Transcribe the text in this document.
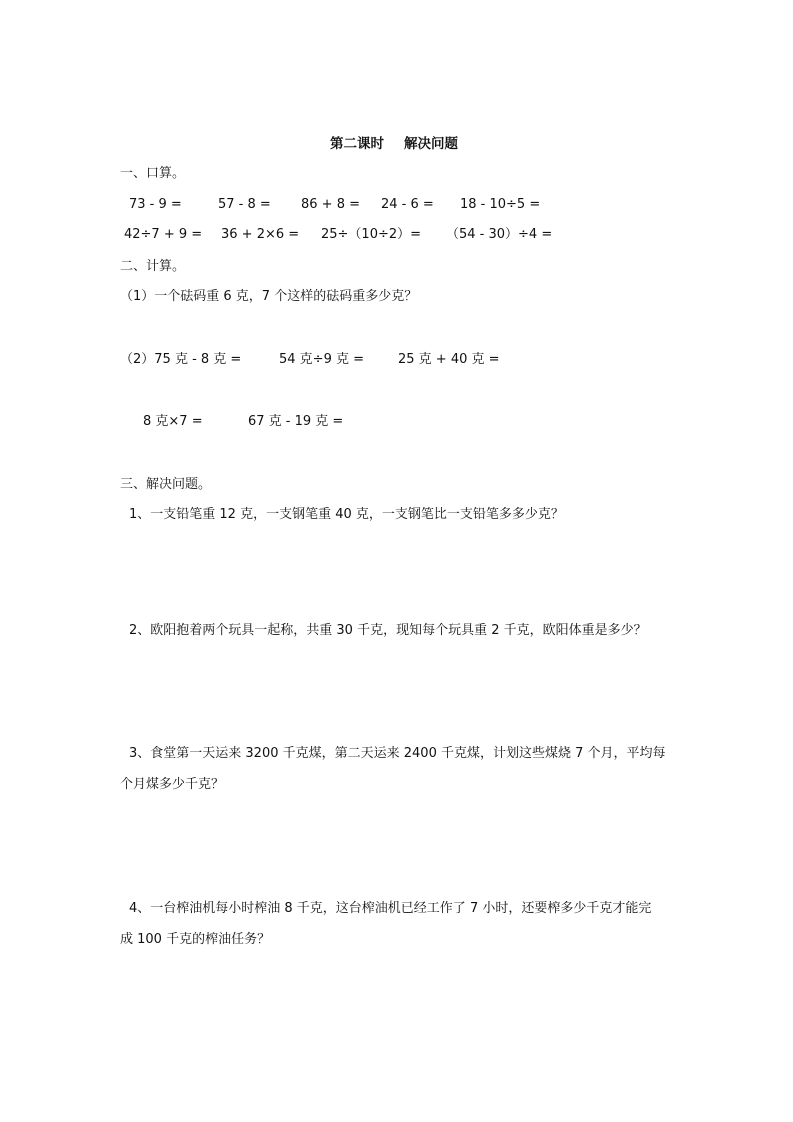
第二课时 解决问题
一、口算。
73 - 9 =	57 - 8 = 86 + 8 = 24 - 6 = 18 - 10÷5 =
42÷7 + 9 = 36 + 2×6 = 25÷（10÷2）= （54 - 30）÷4 =
二、计算。
（1）一个砝码重 6 克，7 个这样的砝码重多少克？
（2）75 克 - 8 克 =	54 克÷9 克 =	25 克 + 40 克 =
8 克×7 =	67 克 - 19 克 =
三、解决问题。
1、一支铅笔重 12 克，一支钢笔重 40 克，一支钢笔比一支铅笔多多少克？
2、欧阳抱着两个玩具一起称，共重 30 千克，现知每个玩具重 2 千克，欧阳体重是多少？
3、食堂第一天运来 3200 千克煤，第二天运来 2400 千克煤，计划这些煤烧 7 个月，平均每
个月煤多少千克？
4、一台榨油机每小时榨油 8 千克，这台榨油机已经工作了 7 小时，还要榨多少千克才能完
成 100 千克的榨油任务？
